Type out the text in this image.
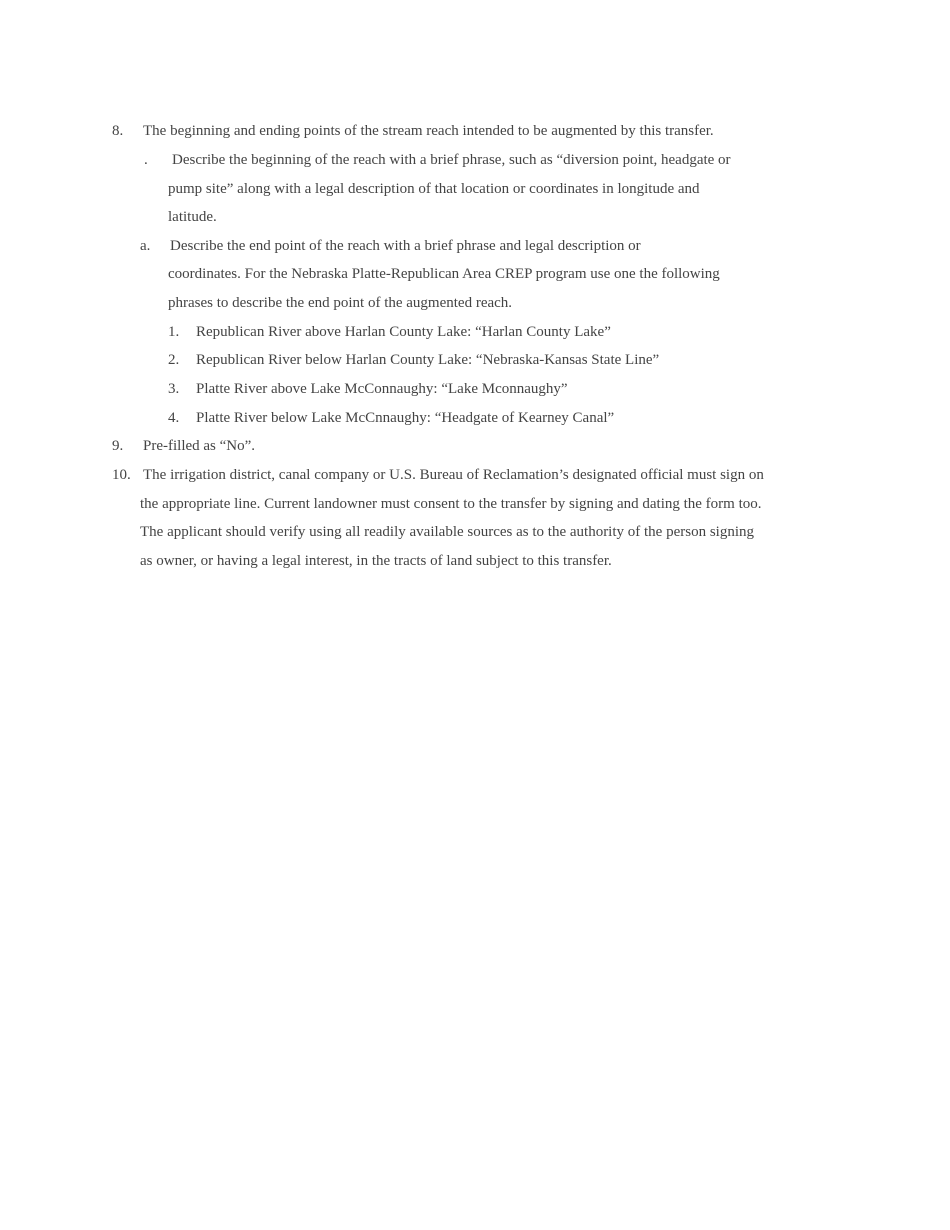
8. The beginning and ending points of the stream reach intended to be augmented by this transfer.
. Describe the beginning of the reach with a brief phrase, such as “diversion point, headgate or
pump site” along with a legal description of that location or coordinates in longitude and
latitude.
a. Describe the end point of the reach with a brief phrase and legal description or
coordinates. For the Nebraska Platte-Republican Area CREP program use one the following
phrases to describe the end point of the augmented reach.
1. Republican River above Harlan County Lake: “Harlan County Lake”
2. Republican River below Harlan County Lake: “Nebraska-Kansas State Line”
3. Platte River above Lake McConnaughy: “Lake Mconnaughy”
4. Platte River below Lake McCnnaughy: “Headgate of Kearney Canal”
9. Pre-filled as “No”.
10. The irrigation district, canal company or U.S. Bureau of Reclamation’s designated official must sign on
the appropriate line. Current landowner must consent to the transfer by signing and dating the form too.
The applicant should verify using all readily available sources as to the authority of the person signing
as owner, or having a legal interest, in the tracts of land subject to this transfer.
